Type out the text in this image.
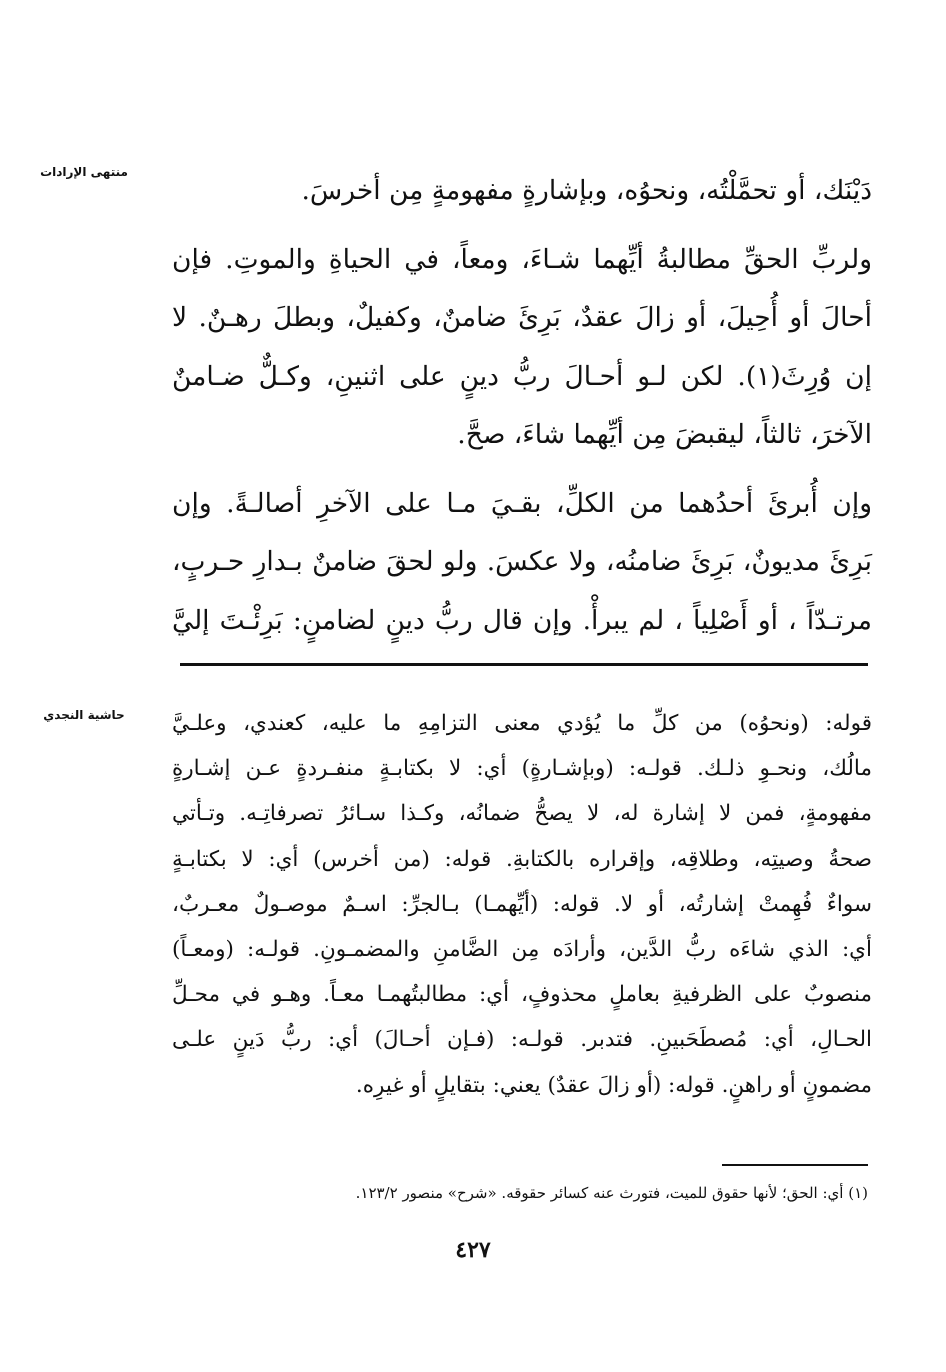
منتهى الإرادات
حاشية النجدي
دَيْنَك، أو تحمَّلْتُه، ونحوُه، وبإشارةٍ مفهومةٍ مِن أخرسَ.
ولربِّ الحقِّ مطالبةُ أيِّهما شـاءَ، ومعاً، في الحياةِ والموتِ. فإن
أحالَ أو أُحِيلَ، أو زالَ عقدٌ، بَرِئَ ضامنٌ، وكفيلٌ، وبطلَ رهـنٌ. لا
إن وُرِثَ(١). لكن لـو أحـالَ ربُّ دينٍ على اثنينِ، وكـلٌّ ضـامنٌ
الآخرَ، ثالثاً، ليقبضَ مِن أيِّهما شاءَ، صحَّ.
وإن أُبرئَ أحدُهما من الكلِّ، بقـيَ مـا على الآخرِ أصالـةً. وإن
بَرِئَ مديونٌ، بَرِئَ ضامنُه، ولا عكسَ. ولو لحقَ ضامنٌ بـدارِ حـربٍ،
مرتـدّاً ، أو أَصْلِياً ، لم يبرأْ. وإن قال ربُّ دينٍ لضامنٍ: بَرِئْـتَ إليَّ
قوله: (ونحوُه) من كلِّ ما يُؤدي معنى التزامِهِ ما عليه، كعندي، وعلـيَّ
مالُك، ونحـوِ ذلـك. قولـه: (وبإشـارةٍ) أي: لا بكتابـةٍ منفـردةٍ عـن إشـارةٍ
مفهومةٍ، فمن لا إشارة له، لا يصحُّ ضمانُه، وكـذا سـائرُ تصرفاتِـه. وتـأتي
صحةُ وصيتِه، وطلاقِه، وإقراره بالكتابةِ. قوله: (من أخرس) أي: لا بكتابـةٍ
سواءٌ فُهِمتْ إشارتُه، أو لا. قوله: (أيِّهمـا) بـالجرِّ: اسـمٌ موصـولٌ معـربٌ،
أي: الذي شاءَه ربُّ الدَّين، وأرادَه مِن الضَّامنِ والمضمـونِ. قولـه: (ومعـاً)
منصوبٌ على الظرفيةِ بعاملٍ محذوفٍ، أي: مطالبتُهمـا معـاً. وهـو في محـلِّ
الحـالِ، أي: مُصطَحَبينِ. فتدبر. قولـه: (فـإن أحـالَ) أي: ربُّ دَينٍ علـى
مضمونٍ أو راهنٍ. قوله: (أو زالَ عقدٌ) يعني: بتقايلٍ أو غيرِه.
(١) أي: الحق؛ لأنها حقوق للميت، فتورث عنه كسائر حقوقه. «شرح» منصور ١٢٣/٢.
٤٢٧
